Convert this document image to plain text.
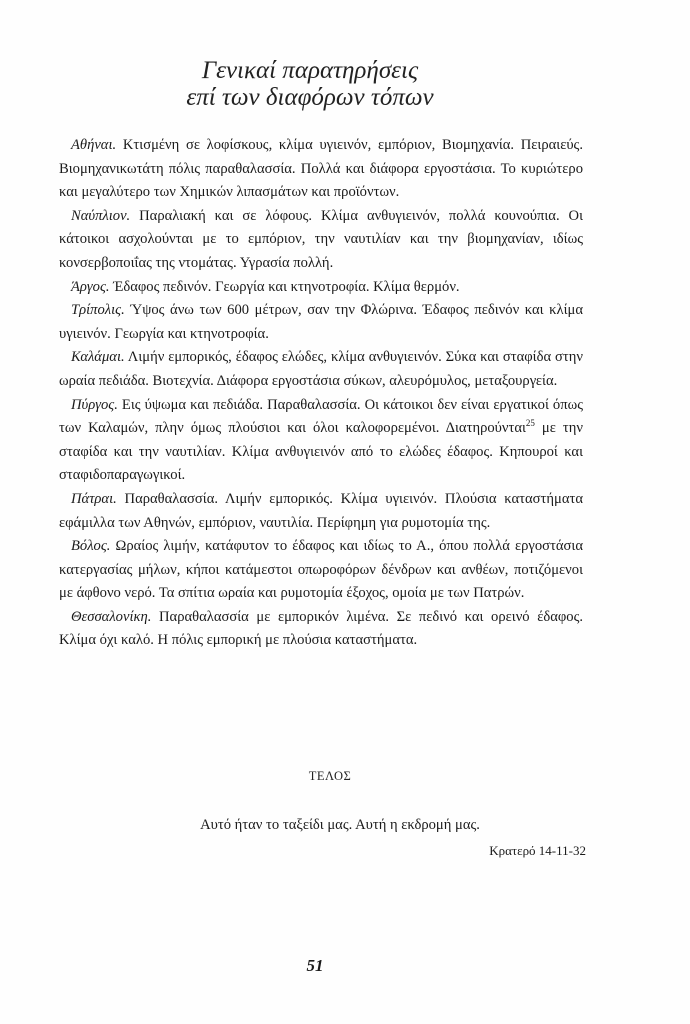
Γενικαί παρατηρήσεις
επί των διαφόρων τόπων

Αθήναι. Κτισμένη σε λοφίσκους, κλίμα υγιεινόν, εμπόριον, Βιομηχανία. Πειραιεύς. Βιομηχανικωτάτη πόλις παραθαλασσία. Πολλά και διάφορα εργοστάσια. Το κυριώτερο και μεγαλύτερο των Χημικών λιπασμάτων και προϊόντων.

Ναύπλιον. Παραλιακή και σε λόφους. Κλίμα ανθυγιεινόν, πολλά κουνούπια. Οι κάτοικοι ασχολούνται με το εμπόριον, την ναυτιλίαν και την βιομηχανίαν, ιδίως κονσερβοποιΐας της ντομάτας. Υγρασία πολλή.

Άργος. Έδαφος πεδινόν. Γεωργία και κτηνοτροφία. Κλίμα θερμόν.

Τρίπολις. Ύψος άνω των 600 μέτρων, σαν την Φλώρινα. Έδαφος πεδινόν και κλίμα υγιεινόν. Γεωργία και κτηνοτροφία.

Καλάμαι. Λιμήν εμπορικός, έδαφος ελώδες, κλίμα ανθυγιεινόν. Σύκα και σταφίδα στην ωραία πεδιάδα. Βιοτεχνία. Διάφορα εργοστάσια σύκων, αλευρόμυλος, μεταξουργεία.

Πύργος. Εις ύψωμα και πεδιάδα. Παραθαλασσία. Οι κάτοικοι δεν είναι εργατικοί όπως των Καλαμών, πλην όμως πλούσιοι και όλοι καλοφορεμένοι. Διατηρούνται$^{25}$ με την σταφίδα και την ναυτιλίαν. Κλίμα ανθυγιεινόν από το ελώδες έδαφος. Κηπουροί και σταφιδοπαραγωγικοί.

Πάτραι. Παραθαλασσία. Λιμήν εμπορικός. Κλίμα υγιεινόν. Πλούσια καταστήματα εφάμιλλα των Αθηνών, εμπόριον, ναυτιλία. Περίφημη για ρυμοτομία της.

Βόλος. Ωραίος λιμήν, κατάφυτον το έδαφος και ιδίως το Α., όπου πολλά εργοστάσια κατεργασίας μήλων, κήποι κατάμεστοι οπωροφόρων δένδρων και ανθέων, ποτιζόμενοι με άφθονο νερό. Τα σπίτια ωραία και ρυμοτομία έξοχος, ομοία με των Πατρών.

Θεσσαλονίκη. Παραθαλασσία με εμπορικόν λιμένα. Σε πεδινό και ορεινό έδαφος. Κλίμα όχι καλό. Η πόλις εμπορική με πλούσια καταστήματα.

ΤΕΛΟΣ
Αυτό ήταν το ταξείδι μας. Αυτή η εκδρομή μας.
Κρατερό 14-11-32
51
